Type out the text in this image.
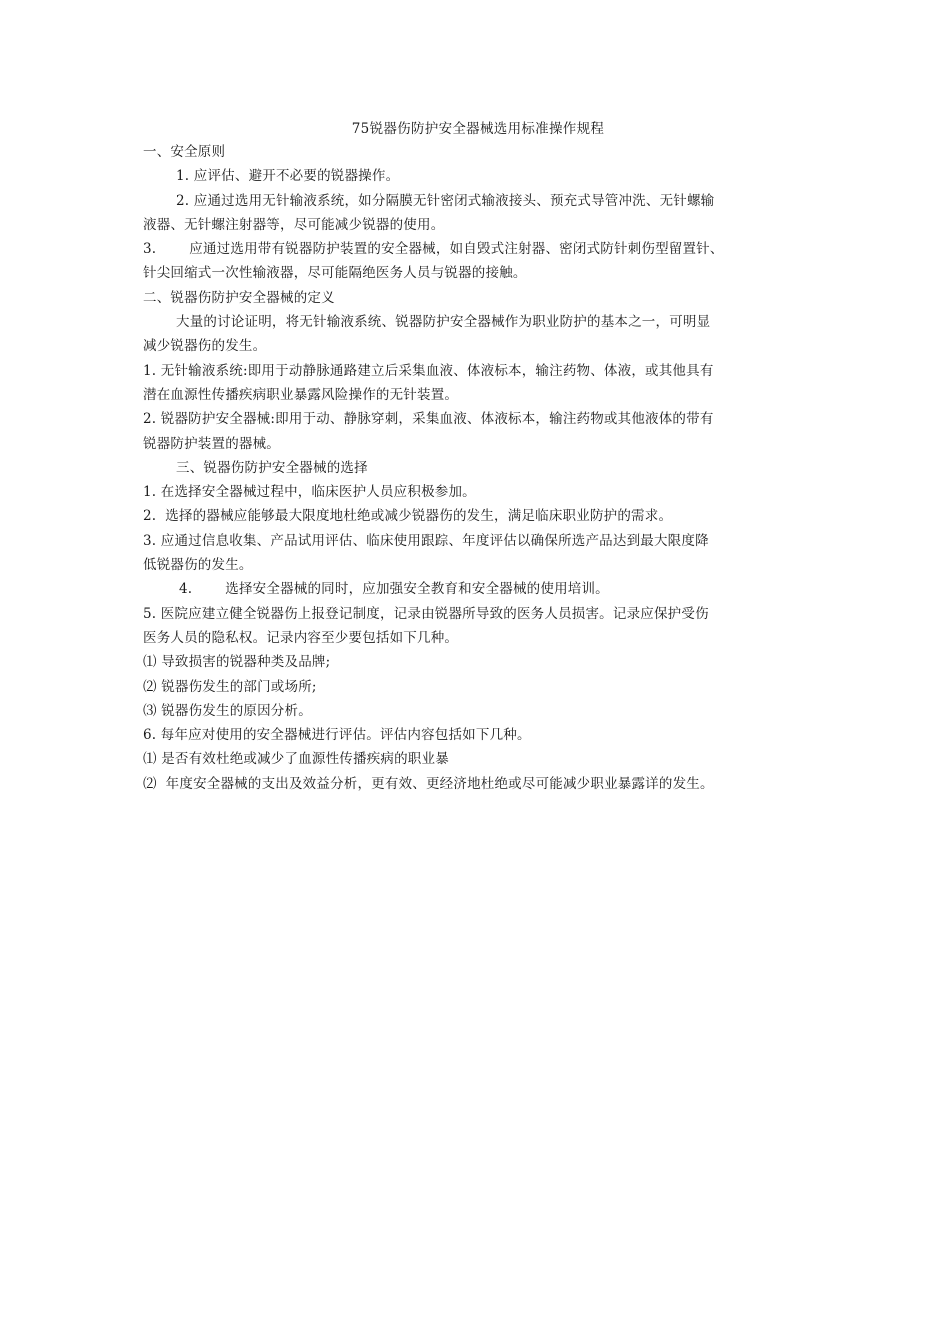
75锐器伤防护安全器械选用标准操作规程

一、安全原则

1. 应评估、避开不必要的锐器操作。

2. 应通过选用无针输液系统，如分隔膜无针密闭式输液接头、预充式导管冲洗、无针螺输

液器、无针螺注射器等，尽可能减少锐器的使用。

3. 应通过选用带有锐器防护装置的安全器械，如自毁式注射器、密闭式防针刺伤型留置针、

针尖回缩式一次性输液器，尽可能隔绝医务人员与锐器的接触。

二、锐器伤防护安全器械的定义

大量的讨论证明，将无针输液系统、锐器防护安全器械作为职业防护的基本之一，可明显

减少锐器伤的发生。

1. 无针输液系统:即用于动静脉通路建立后采集血液、体液标本，输注药物、体液，或其他具有

潜在血源性传播疾病职业暴露风险操作的无针装置。

2. 锐器防护安全器械:即用于动、静脉穿刺，采集血液、体液标本，输注药物或其他液体的带有

锐器防护装置的器械。

三、锐器伤防护安全器械的选择

1. 在选择安全器械过程中，临床医护人员应积极参加。

2.  选择的器械应能够最大限度地杜绝或减少锐器伤的发生，满足临床职业防护的需求。

3. 应通过信息收集、产品试用评估、临床使用跟踪、年度评估以确保所选产品达到最大限度降

低锐器伤的发生。

4. 选择安全器械的同时，应加强安全教育和安全器械的使用培训。

5. 医院应建立健全锐器伤上报登记制度，记录由锐器所导致的医务人员损害。记录应保护受伤

医务人员的隐私权。记录内容至少要包括如下几种。

⑴ 导致损害的锐器种类及品牌;

⑵ 锐器伤发生的部门或场所;

⑶ 锐器伤发生的原因分析。

6. 每年应对使用的安全器械进行评估。评估内容包括如下几种。

⑴ 是否有效杜绝或减少了血源性传播疾病的职业暴

⑵  年度安全器械的支出及效益分析，更有效、更经济地杜绝或尽可能减少职业暴露详的发生。
